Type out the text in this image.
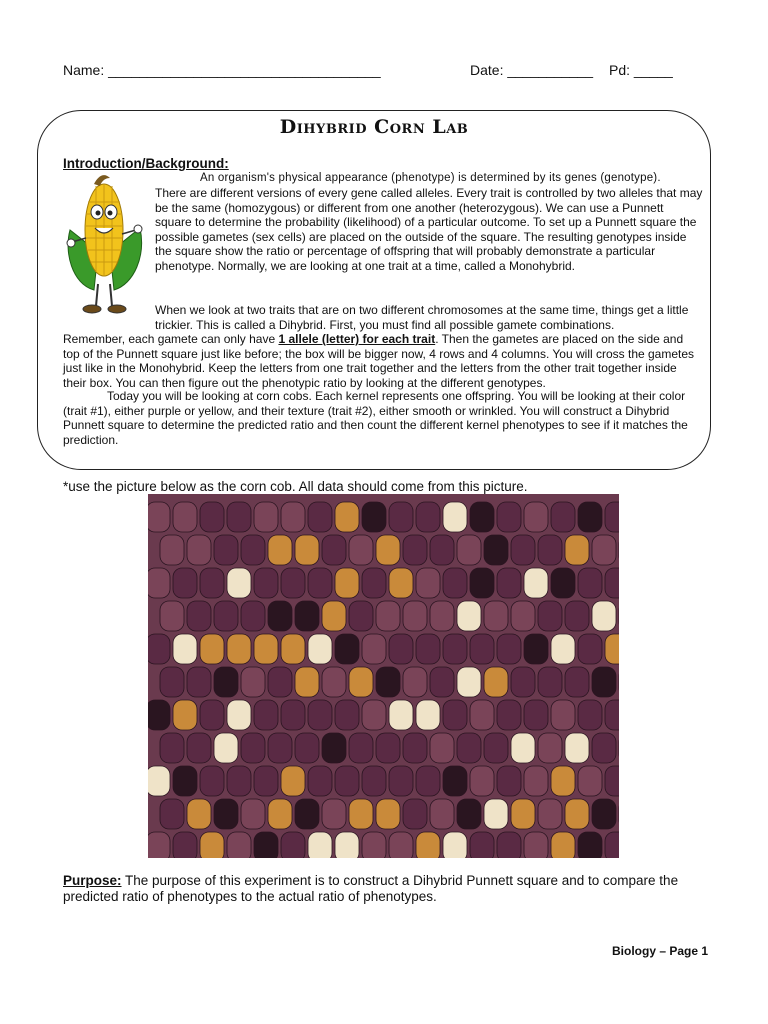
Name: ___________________________________	Date: ___________ Pd: _____
Dihybrid Corn Lab
Introduction/Background:
An organism's physical appearance (phenotype) is determined by its genes (genotype).
There are different versions of every gene called alleles. Every trait is controlled by two alleles that may be the same (homozygous) or different from one another (heterozygous). We can use a Punnett square to determine the probability (likelihood) of a particular outcome. To set up a Punnett square the possible gametes (sex cells) are placed on the outside of the square. The resulting genotypes inside the square show the ratio or percentage of offspring that will probably demonstrate a particular phenotype. Normally, we are looking at one trait at a time, called a Monohybrid.
When we look at two traits that are on two different chromosomes at the same time, things get a little trickier. This is called a Dihybrid. First, you must find all possible gamete combinations.
Remember, each gamete can only have 1 allele (letter) for each trait. Then the gametes are placed on the side and top of the Punnett square just like before; the box will be bigger now, 4 rows and 4 columns. You will cross the gametes just like in the Monohybrid. Keep the letters from one trait together and the letters from the other trait together inside their box. You can then figure out the phenotypic ratio by looking at the different genotypes.
Today you will be looking at corn cobs. Each kernel represents one offspring. You will be looking at their color (trait #1), either purple or yellow, and their texture (trait #2), either smooth or wrinkled. You will construct a Dihybrid Punnett square to determine the predicted ratio and then count the different kernel phenotypes to see if it matches the prediction.
*use the picture below as the corn cob. All data should come from this picture.
Purpose: The purpose of this experiment is to construct a Dihybrid Punnett square and to compare the predicted ratio of phenotypes to the actual ratio of phenotypes.
Biology – Page 1
